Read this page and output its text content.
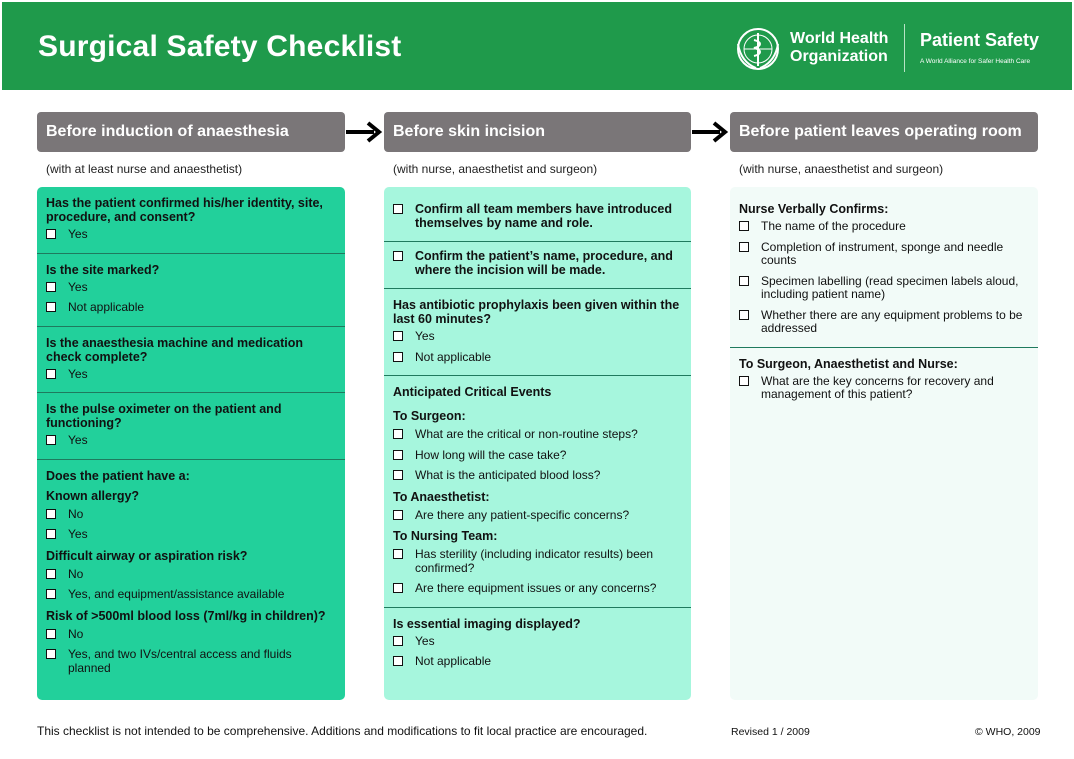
Surgical Safety Checklist	World Health
Organization
Patient Safety
A World Alliance for Safer Health Care
Before induction of anaesthesia	Before skin incision	Before patient leaves operating room
(with at least nurse and anaesthetist)	(with nurse, anaesthetist and surgeon)	(with nurse, anaesthetist and surgeon)
Has the patient confirmed his/her identity, site, procedure, and consent?
Yes
Is the site marked?
Yes
Not applicable
Is the anaesthesia machine and medication check complete?
Yes
Is the pulse oximeter on the patient and functioning?
Yes
Does the patient have a:
Known allergy?
No
Yes
Difficult airway or aspiration risk?
No
Yes, and equipment/assistance available
Risk of >500ml blood loss (7ml/kg in children)?
No
Yes, and two IVs/central access and fluids planned
Confirm all team members have introduced themselves by name and role.
Confirm the patient’s name, procedure, and where the incision will be made.
Has antibiotic prophylaxis been given within the last 60 minutes?
Yes
Not applicable
Anticipated Critical Events
To Surgeon:
What are the critical or non-routine steps?
How long will the case take?
What is the anticipated blood loss?
To Anaesthetist:
Are there any patient-specific concerns?
To Nursing Team:
Has sterility (including indicator results) been confirmed?
Are there equipment issues or any concerns?
Is essential imaging displayed?
Yes
Not applicable
Nurse Verbally Confirms:
The name of the procedure
Completion of instrument, sponge and needle counts
Specimen labelling (read specimen labels aloud, including patient name)
Whether there are any equipment problems to be addressed
To Surgeon, Anaesthetist and Nurse:
What are the key concerns for recovery and management of this patient?
This checklist is not intended to be comprehensive. Additions and modifications to fit local practice are encouraged.	Revised 1 / 2009	© WHO, 2009
